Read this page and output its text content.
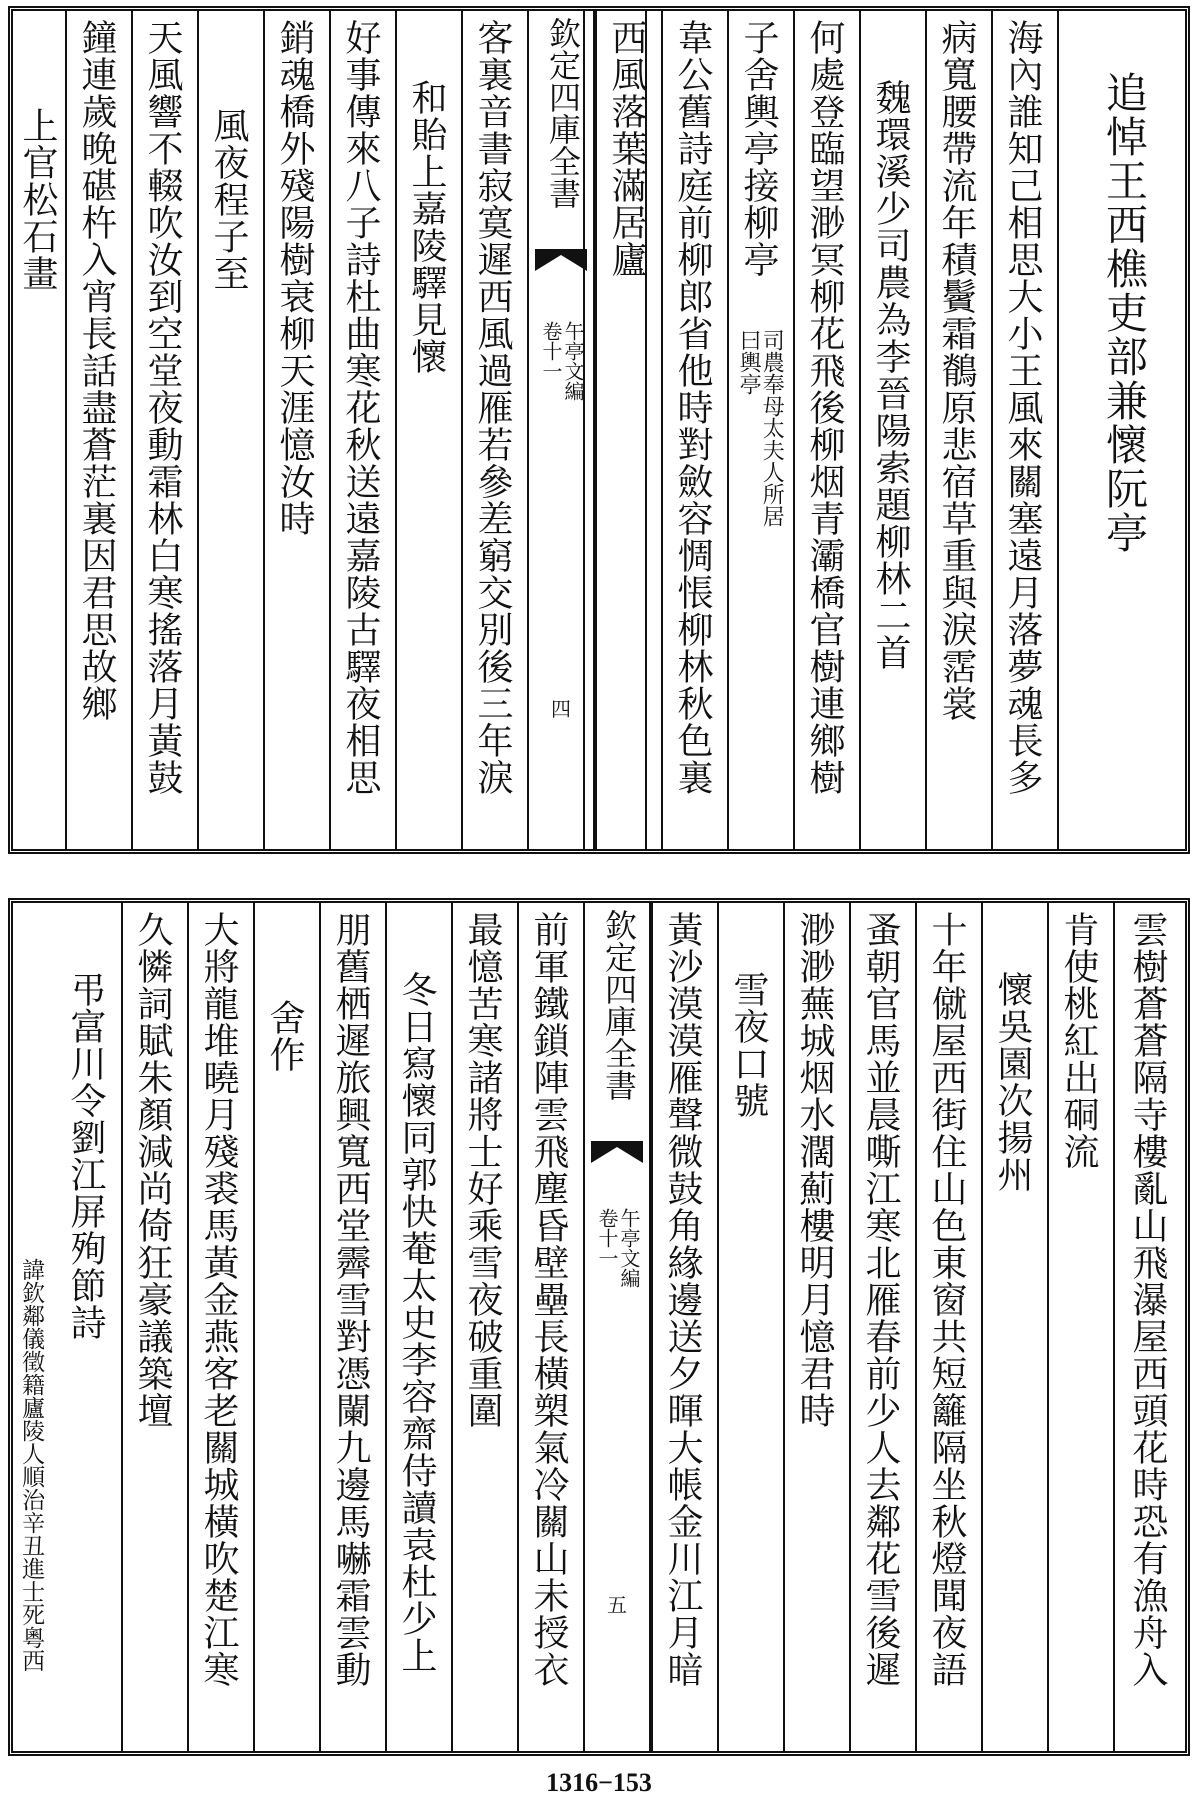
追悼王西樵吏部兼懷阮亭
海內誰知己相思大小王風來關塞遠月落夢魂長多
病寬腰帶流年積鬢霜鶺原悲宿草重與淚霑裳
魏環溪少司農為李晉陽索題柳林二首
何處登臨望渺冥柳花飛後柳烟青灞橋官樹連鄉樹
子舍輿亭接柳亭
司農奉母太夫人所居曰輿亭
韋公舊詩庭前柳郎省他時對斂容惆悵柳林秋色裏
西風落葉滿居廬
欽定四庫全書
午亭文編
卷十一
四
客裏音書寂寞遲西風過雁若參差窮交別後三年淚
和貽上嘉陵驛見懷
好事傳來八子詩杜曲寒花秋送遠嘉陵古驛夜相思
銷魂橋外殘陽樹衰柳天涯憶汝時
風夜程子至
天風響不輟吹汝到空堂夜動霜林白寒搖落月黃鼓
鐘連歲晚碪杵入宵長話盡蒼茫裏因君思故鄉
上官松石畫
雲樹蒼蒼隔寺樓亂山飛瀑屋西頭花時恐有漁舟入
肯使桃紅出硐流
懷吳園次揚州
十年僦屋西街住山色東窗共短籬隔坐秋燈聞夜語
蚤朝官馬並晨嘶江寒北雁春前少人去鄰花雪後遲
渺渺蕪城烟水濶薊樓明月憶君時
雪夜口號
黃沙漠漠雁聲微鼓角緣邊送夕暉大帳金川江月暗
欽定四庫全書
午亭文編
卷十一
五
前軍鐵鎖陣雲飛塵昏壁壘長橫槊氣冷關山未授衣
最憶苦寒諸將士好乘雪夜破重圍
冬日寫懷同郭快菴太史李容齋侍讀袁杜少上
朋舊栖遲旅興寬西堂霽雪對憑闌九邊馬嚇霜雲動
舍作
大將龍堆曉月殘裘馬黃金燕客老關城橫吹楚江寒
久憐詞賦朱顏減尚倚狂豪議築壇
弔富川令劉江屏殉節詩
諱欽鄰儀徵籍廬陵人順治辛丑進士死粵西
1316−153
